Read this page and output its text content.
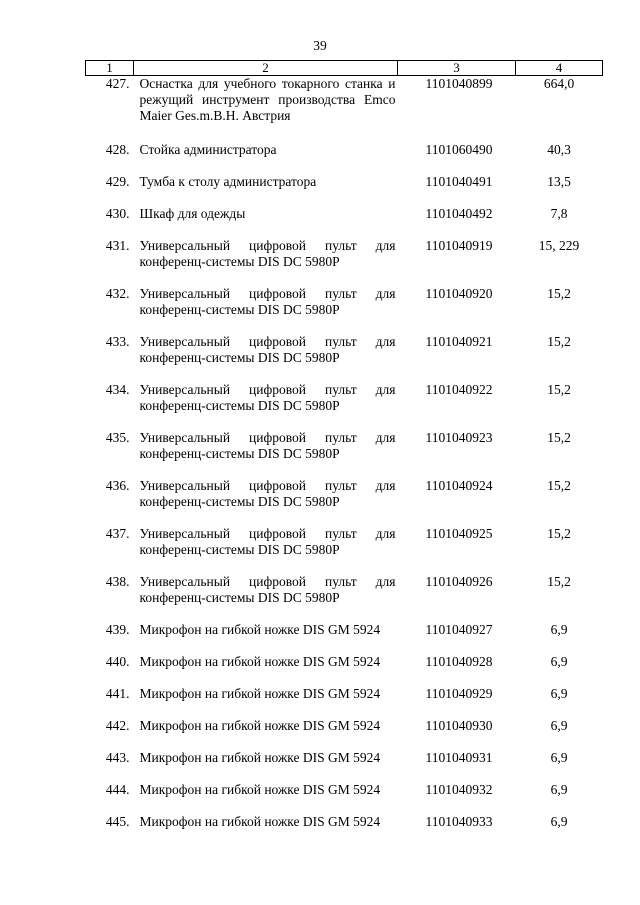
39
1	2	3	4
427.	Оснастка для учебного токарного станка и режущий инструмент производства Emco Maier Ges.m.B.H. Австрия	1101040899	664,0
428.	Стойка администратора	1101060490	40,3
429.	Тумба к столу администратора	1101040491	13,5
430.	Шкаф для одежды	1101040492	7,8
431.	Универсальный цифровой пульт для конференц-системы DIS DC 5980P	1101040919	15, 229
432.	Универсальный цифровой пульт для конференц-системы DIS DC 5980P	1101040920	15,2
433.	Универсальный цифровой пульт для конференц-системы DIS DC 5980P	1101040921	15,2
434.	Универсальный цифровой пульт для конференц-системы DIS DC 5980P	1101040922	15,2
435.	Универсальный цифровой пульт для конференц-системы DIS DC 5980P	1101040923	15,2
436.	Универсальный цифровой пульт для конференц-системы DIS DC 5980P	1101040924	15,2
437.	Универсальный цифровой пульт для конференц-системы DIS DC 5980P	1101040925	15,2
438.	Универсальный цифровой пульт для конференц-системы DIS DC 5980P	1101040926	15,2
439.	Микрофон на гибкой ножке DIS GM 5924	1101040927	6,9
440.	Микрофон на гибкой ножке DIS GM 5924	1101040928	6,9
441.	Микрофон на гибкой ножке DIS GM 5924	1101040929	6,9
442.	Микрофон на гибкой ножке DIS GM 5924	1101040930	6,9
443.	Микрофон на гибкой ножке DIS GM 5924	1101040931	6,9
444.	Микрофон на гибкой ножке DIS GM 5924	1101040932	6,9
445.	Микрофон на гибкой ножке DIS GM 5924	1101040933	6,9
